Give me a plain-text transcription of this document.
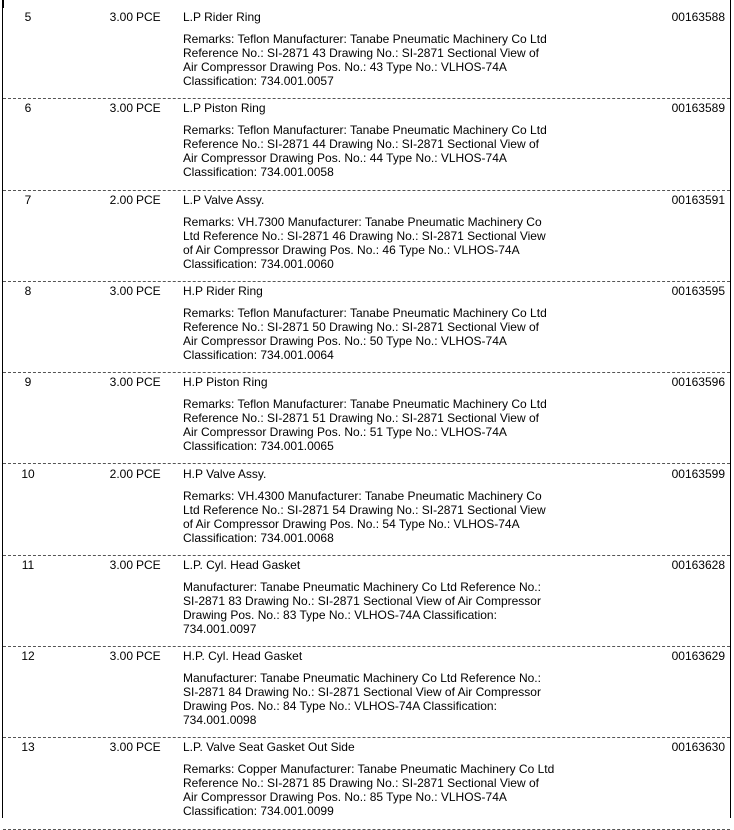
5	3.00 PCE	L.P Rider Ring	00163588
Remarks: Teflon Manufacturer: Tanabe Pneumatic Machinery Co Ltd Reference No.: SI-2871 43 Drawing No.: SI-2871 Sectional View of Air Compressor Drawing Pos. No.: 43 Type No.: VLHOS-74A Classification: 734.001.0057
6	3.00 PCE	L.P Piston Ring	00163589
Remarks: Teflon Manufacturer: Tanabe Pneumatic Machinery Co Ltd Reference No.: SI-2871 44 Drawing No.: SI-2871 Sectional View of Air Compressor Drawing Pos. No.: 44 Type No.: VLHOS-74A Classification: 734.001.0058
7	2.00 PCE	L.P Valve Assy.	00163591
Remarks: VH.7300 Manufacturer: Tanabe Pneumatic Machinery Co Ltd Reference No.: SI-2871 46 Drawing No.: SI-2871 Sectional View of Air Compressor Drawing Pos. No.: 46 Type No.: VLHOS-74A Classification: 734.001.0060
8	3.00 PCE	H.P Rider Ring	00163595
Remarks: Teflon Manufacturer: Tanabe Pneumatic Machinery Co Ltd Reference No.: SI-2871 50 Drawing No.: SI-2871 Sectional View of Air Compressor Drawing Pos. No.: 50 Type No.: VLHOS-74A Classification: 734.001.0064
9	3.00 PCE	H.P Piston Ring	00163596
Remarks: Teflon Manufacturer: Tanabe Pneumatic Machinery Co Ltd Reference No.: SI-2871 51 Drawing No.: SI-2871 Sectional View of Air Compressor Drawing Pos. No.: 51 Type No.: VLHOS-74A Classification: 734.001.0065
10	2.00 PCE	H.P Valve Assy.	00163599
Remarks: VH.4300 Manufacturer: Tanabe Pneumatic Machinery Co Ltd Reference No.: SI-2871 54 Drawing No.: SI-2871 Sectional View of Air Compressor Drawing Pos. No.: 54 Type No.: VLHOS-74A Classification: 734.001.0068
11	3.00 PCE	L.P. Cyl. Head Gasket	00163628
Manufacturer: Tanabe Pneumatic Machinery Co Ltd Reference No.: SI-2871 83 Drawing No.: SI-2871 Sectional View of Air Compressor Drawing Pos. No.: 83 Type No.: VLHOS-74A Classification: 734.001.0097
12	3.00 PCE	H.P. Cyl. Head Gasket	00163629
Manufacturer: Tanabe Pneumatic Machinery Co Ltd Reference No.: SI-2871 84 Drawing No.: SI-2871 Sectional View of Air Compressor Drawing Pos. No.: 84 Type No.: VLHOS-74A Classification: 734.001.0098
13	3.00 PCE	L.P. Valve Seat Gasket Out Side	00163630
Remarks: Copper Manufacturer: Tanabe Pneumatic Machinery Co Ltd Reference No.: SI-2871 85 Drawing No.: SI-2871 Sectional View of Air Compressor Drawing Pos. No.: 85 Type No.: VLHOS-74A Classification: 734.001.0099
